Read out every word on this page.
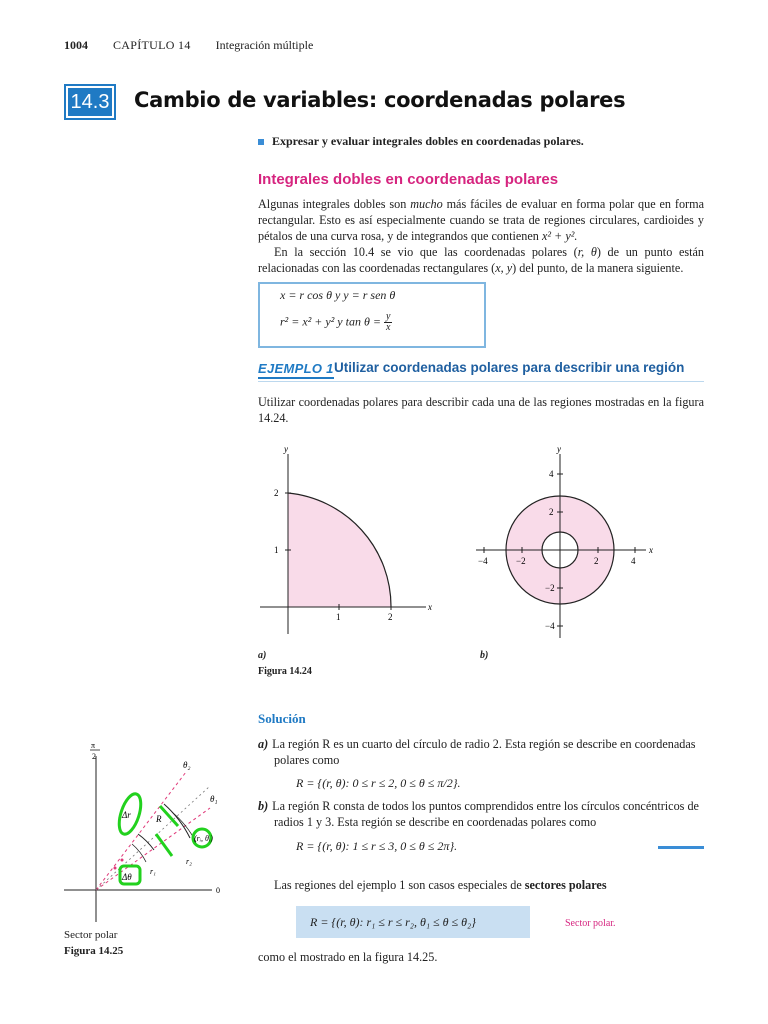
1004 CAPÍTULO 14 Integración múltiple
14.3 Cambio de variables: coordenadas polares
Expresar y evaluar integrales dobles en coordenadas polares.
Integrales dobles en coordenadas polares

Algunas integrales dobles son mucho más fáciles de evaluar en forma polar que en forma rectangular. Esto es así especialmente cuando se trata de regiones circulares, cardioides y pétalos de una curva rosa, y de integrandos que contienen x² + y².

En la sección 10.4 se vio que las coordenadas polares (r, θ) de un punto están relacionadas con las coordenadas rectangulares (x, y) del punto, de la manera siguiente.

x = r cos θ y y = r sen θ
r² = x² + y² y $\tan \theta = \frac{y}{x}$
EJEMPLO 1 Utilizar coordenadas polares para describir una región
Utilizar coordenadas polares para describir cada una de las regiones mostradas en la figura 14.24.
x
y
1	2
1
2
a)
Figura 14.24
x
y
−4	−2	2	4
4
2
−2
−4
b)
Solución
a) La región R es un cuarto del círculo de radio 2. Esta región se describe en coordenadas polares como
R = {(r, θ): 0 ≤ r ≤ 2, 0 ≤ θ ≤ π/2}.
b) La región R consta de todos los puntos comprendidos entre los círculos concéntricos de radios 1 y 3. Esta región se describe en coordenadas polares como
R = {(r, θ): 1 ≤ r ≤ 3, 0 ≤ θ ≤ 2π}.
Las regiones del ejemplo 1 son casos especiales de sectores polares
R = {(r, θ): r₁ ≤ r ≤ r₂, θ₁ ≤ θ ≤ θ₂}	Sector polar.
como el mostrado en la figura 14.25.
π
2
0
θ₂
θ₁
Δr	R
(rᵢ, θᵢ)
r₂
r₁
Δθ
Sector polar
Figura 14.25
